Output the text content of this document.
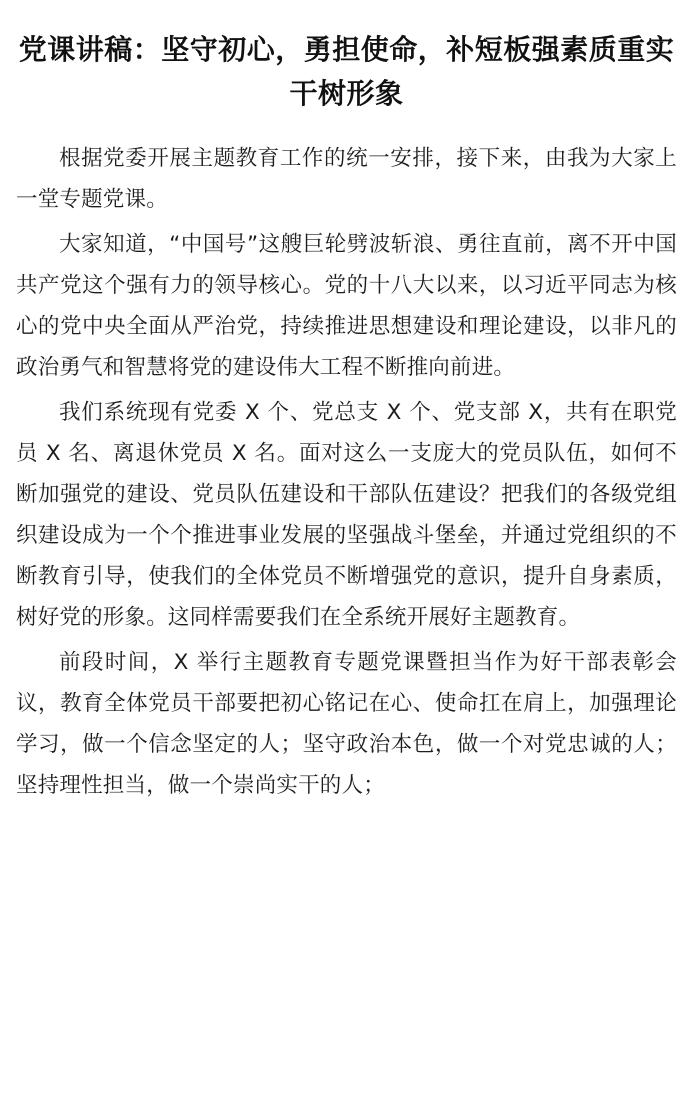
党课讲稿：坚守初心，勇担使命，补短板强素质重实干树形象

根据党委开展主题教育工作的统一安排，接下来，由我为大家上一堂专题党课。

大家知道，“中国号”这艘巨轮劈波斩浪、勇往直前，离不开中国共产党这个强有力的领导核心。党的十八大以来，以习近平同志为核心的党中央全面从严治党，持续推进思想建设和理论建设，以非凡的政治勇气和智慧将党的建设伟大工程不断推向前进。

我们系统现有党委 X 个、党总支 X 个、党支部 X，共有在职党员 X 名、离退休党员 X 名。面对这么一支庞大的党员队伍，如何不断加强党的建设、党员队伍建设和干部队伍建设？把我们的各级党组织建设成为一个个推进事业发展的坚强战斗堡垒，并通过党组织的不断教育引导，使我们的全体党员不断增强党的意识，提升自身素质，树好党的形象。这同样需要我们在全系统开展好主题教育。

前段时间，X 举行主题教育专题党课暨担当作为好干部表彰会议，教育全体党员干部要把初心铭记在心、使命扛在肩上，加强理论学习，做一个信念坚定的人；坚守政治本色，做一个对党忠诚的人；坚持理性担当，做一个崇尚实干的人；
